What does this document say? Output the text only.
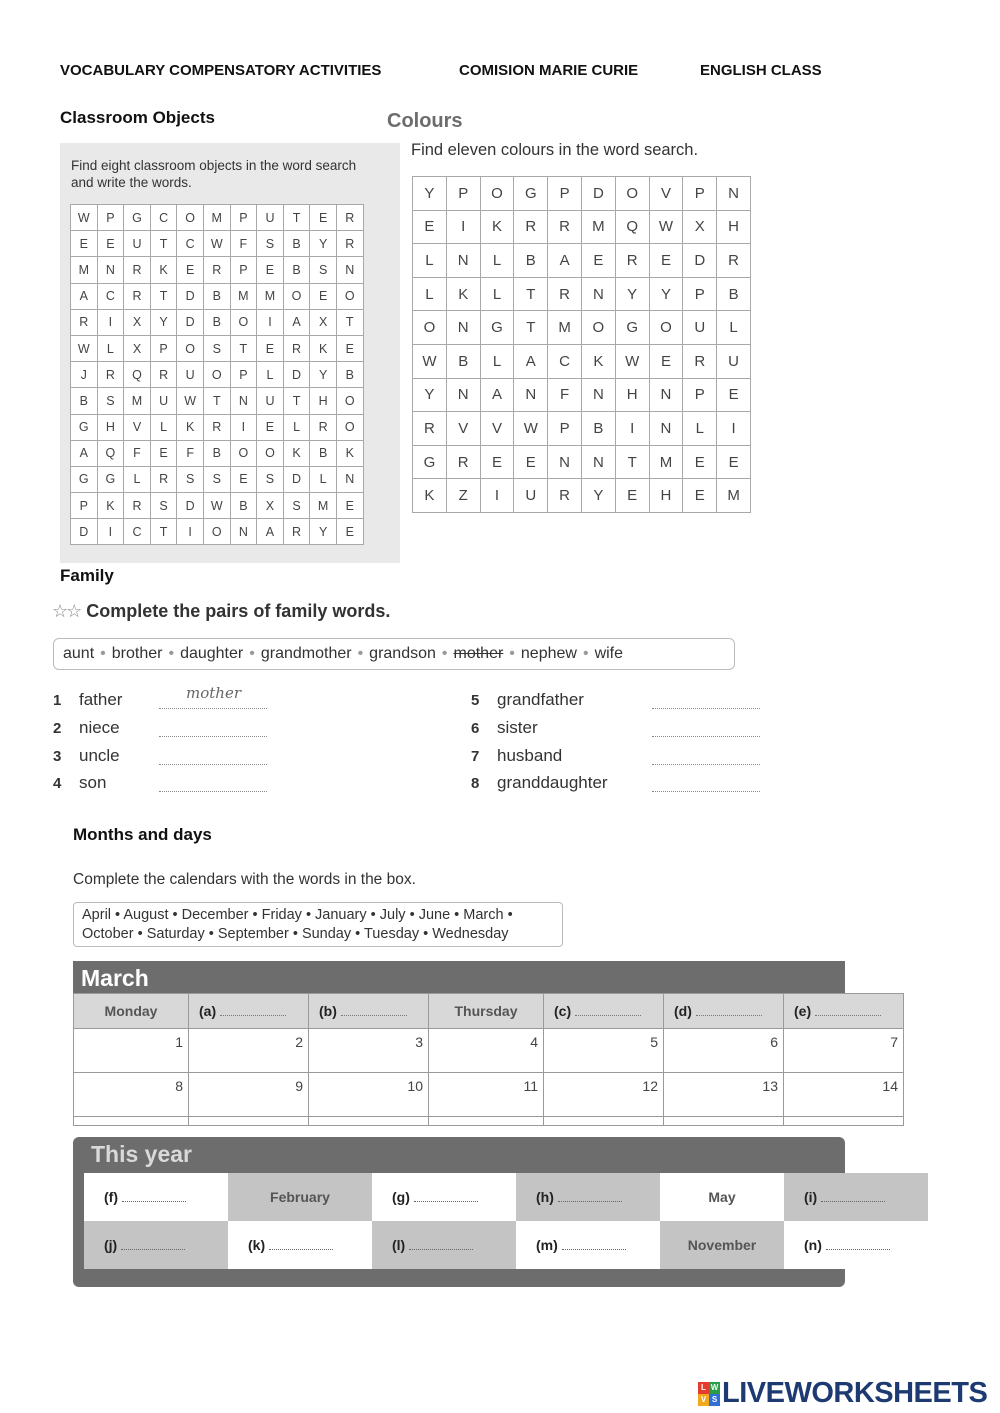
VOCABULARY COMPENSATORY ACTIVITIES	COMISION MARIE CURIE	ENGLISH CLASS
Classroom Objects
Find eight classroom objects in the word search and write the words.
W	P	G	C	O	M	P	U	T	E	R
E	E	U	T	C	W	F	S	B	Y	R
M	N	R	K	E	R	P	E	B	S	N
A	C	R	T	D	B	M	M	O	E	O
R	I	X	Y	D	B	O	I	A	X	T
W	L	X	P	O	S	T	E	R	K	E
J	R	Q	R	U	O	P	L	D	Y	B
B	S	M	U	W	T	N	U	T	H	O
G	H	V	L	K	R	I	E	L	R	O
A	Q	F	E	F	B	O	O	K	B	K
G	G	L	R	S	S	E	S	D	L	N
P	K	R	S	D	W	B	X	S	M	E
D	I	C	T	I	O	N	A	R	Y	E
Colours
Find eleven colours in the word search.
Y	P	O	G	P	D	O	V	P	N
E	I	K	R	R	M	Q	W	X	H
L	N	L	B	A	E	R	E	D	R
L	K	L	T	R	N	Y	Y	P	B
O	N	G	T	M	O	G	O	U	L
W	B	L	A	C	K	W	E	R	U
Y	N	A	N	F	N	H	N	P	E
R	V	V	W	P	B	I	N	L	I
G	R	E	E	N	N	T	M	E	E
K	Z	I	U	R	Y	E	H	E	M
Family
☆☆ Complete the pairs of family words.
aunt • brother • daughter • grandmother • grandson • mother • nephew • wife
1 father
2 niece
3 uncle
4 son
5 grandfather
6 sister
7 husband
8 granddaughter
mother
Months and days
Complete the calendars with the words in the box.
April • August • December • Friday • January • July • June • March •
October • Saturday • September • Sunday • Tuesday • Wednesday
March
Monday	(a)	(b)	Thursday	(c)	(d)	(e)
1	2	3	4	5	6	7
8	9	10	11	12	13	14

This year
(f)	February	(g)	(h)	May	(i)
(j)	(k)	(l)	(m)	November	(n)
L W
V S LIVEWORKSHEETS
